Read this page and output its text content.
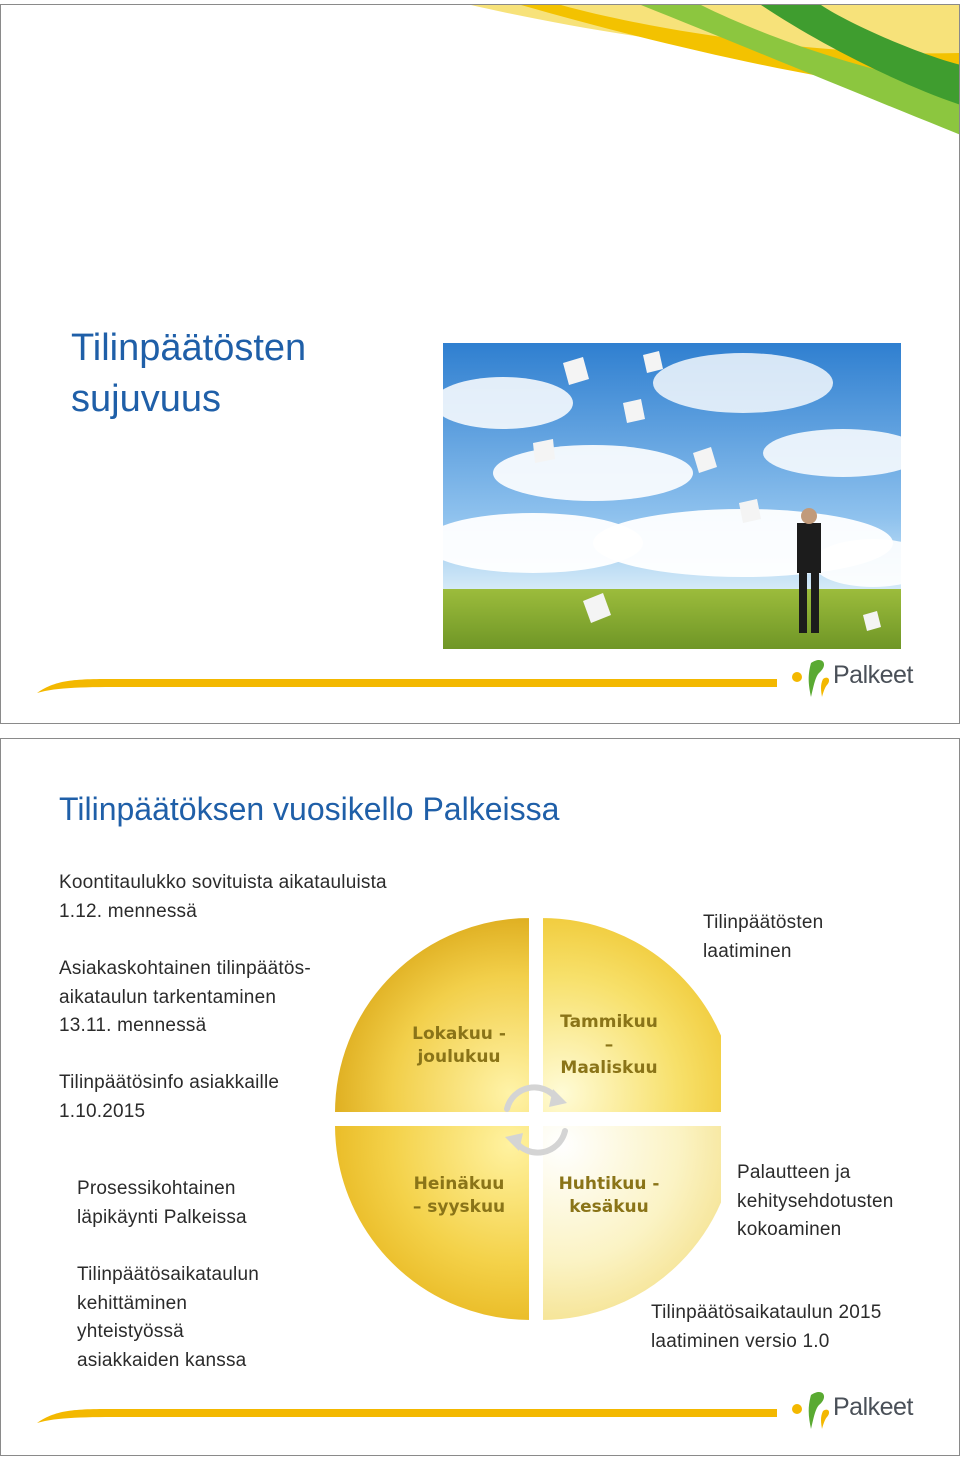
Tilinpäätösten
sujuvuus
Palkeet
Tilinpäätöksen vuosikello Palkeissa
Lokakuu -
joulukuu
Tammikuu
–
Maaliskuu
Heinäkuu
– syyskuu
Huhtikuu -
kesäkuu
Koontitaulukko sovituista aikatauluista
1.12. mennessä
Asiakaskohtainen tilinpäätös-
aikataulun tarkentaminen
13.11. mennessä
Tilinpäätösinfo asiakkaille
1.10.2015
Tilinpäätösten
laatiminen
Palautteen ja
kehitysehdotusten
kokoaminen
Prosessikohtainen
läpikäynti Palkeissa
Tilinpäätösaikataulun
kehittäminen
yhteistyössä
asiakkaiden kanssa
Tilinpäätösaikataulun 2015
laatiminen versio 1.0
Palkeet
